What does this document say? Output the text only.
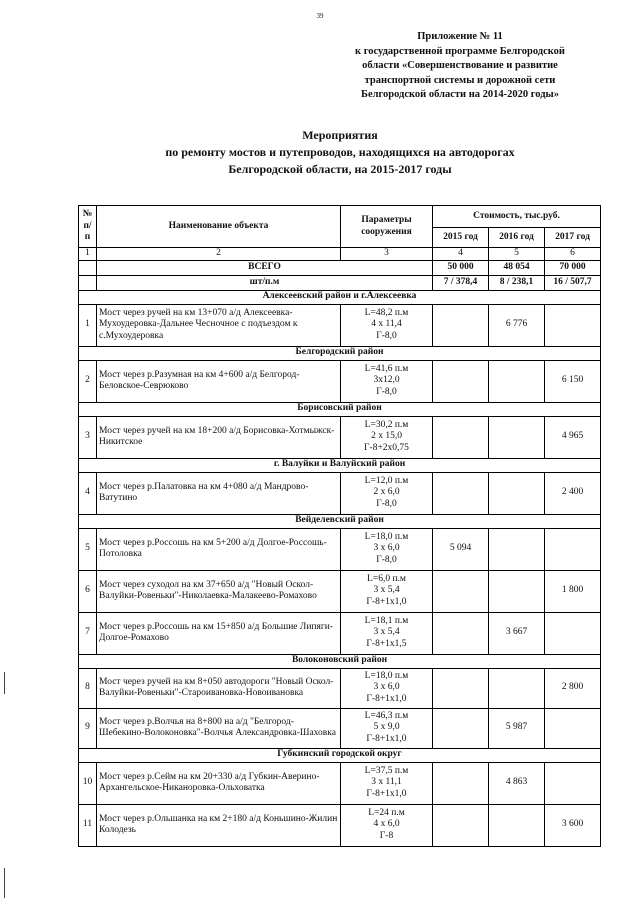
39
Приложение № 11
к государственной программе Белгородской
области «Совершенствование и развитие
транспортной системы и дорожной сети
Белгородской области на 2014-2020 годы»
Мероприятия
по ремонту мостов и путепроводов, находящихся на автодорогах
Белгородской области, на 2015-2017 годы
№ п/п	Наименование объекта	Параметры сооружения	Стоимость, тыс.руб.		
			2015 год	2016 год	2017 год
1	2	3	4	5	6
	ВСЕГО		50 000	48 054	70 000
	шт/п.м		7 / 378,4	8 / 238,1	16 / 507,7
Алексеевский район и г.Алексеевка					
1	Мост через ручей на км 13+070 а/д Алексеевка-Мухоудеровка-Дальнее Чесночное с подъездом к с.Мухоудеровка	L=48,2 п.м
4 х 11,4
Г-8,0		6 776	
Белгородский район					
2	Мост через р.Разумная на км 4+600 а/д Белгород-Беловское-Севрюково	L=41,6 п.м
3х12,0
Г-8,0			6 150
Борисовский район					
3	Мост через ручей на км 18+200 а/д Борисовка-Хотмыжск-Никитское	L=30,2 п.м
2 х 15,0
Г-8+2х0,75			4 965
г. Валуйки и Валуйский район					
4	Мост через р.Палатовка на км 4+080 а/д Мандрово-Ватутино	L=12,0 п.м
2 х 6,0
Г-8,0			2 400
Вейделевский район					
5	Мост через р.Россошь на км 5+200 а/д Долгое-Россошь-Потоловка	L=18,0 п.м
3 х 6,0
Г-8,0	5 094		
6	Мост через суходол на км 37+650 а/д "Новый Оскол-Валуйки-Ровеньки"-Николаевка-Малакеево-Ромахово	L=6,0 п.м
3 х 5,4
Г-8+1х1,0			1 800
7	Мост через р.Россошь на км 15+850 а/д Большие Липяги-Долгое-Ромахово	L=18,1 п.м
3 х 5,4
Г-8+1х1,5		3 667	
Волоконовский район					
8	Мост через ручей на км 8+050 автодороги "Новый Оскол-Валуйки-Ровеньки"-Староивановка-Новоивановка	L=18,0 п.м
3 х 6,0
Г-8+1х1,0			2 800
9	Мост через р.Волчья на 8+800 на а/д "Белгород-Шебекино-Волоконовка"-Волчья Александровка-Шаховка	L=46,3 п.м
5 х 9,0
Г-8+1х1,0		5 987	
Губкинский городской округ					
10	Мост через р.Сейм на км 20+330 а/д Губкин-Аверино-Архангельское-Никаноровка-Ольховатка	L=37,5 п.м
3 х 11,1
Г-8+1х1,0		4 863	
11	Мост через р.Ольшанка на км 2+180 а/д Коньшино-Жилин Колодезь	L=24 п.м
4 х 6,0
Г-8			3 600
